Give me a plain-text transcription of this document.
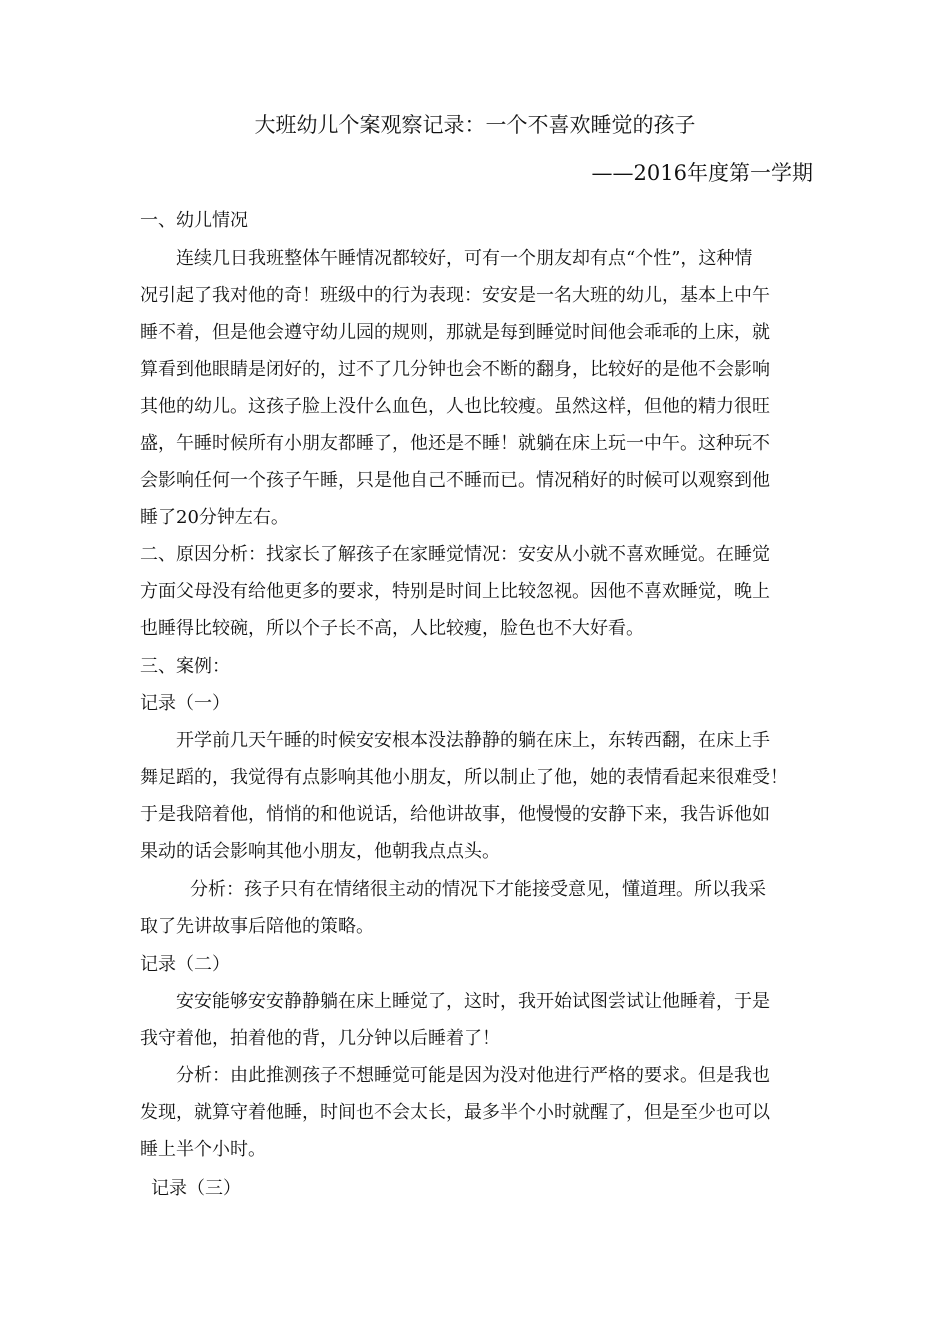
大班幼儿个案观察记录：一个不喜欢睡觉的孩子
——2016年度第一学期
一、幼儿情况
连续几日我班整体午睡情况都较好，可有一个朋友却有点“个性”，这种情
况引起了我对他的奇！班级中的行为表现：安安是一名大班的幼儿，基本上中午
睡不着，但是他会遵守幼儿园的规则，那就是每到睡觉时间他会乖乖的上床，就
算看到他眼睛是闭好的，过不了几分钟也会不断的翻身，比较好的是他不会影响
其他的幼儿。这孩子脸上没什么血色，人也比较瘦。虽然这样，但他的精力很旺
盛，午睡时候所有小朋友都睡了，他还是不睡！就躺在床上玩一中午。这种玩不
会影响任何一个孩子午睡，只是他自己不睡而已。情况稍好的时候可以观察到他
睡了20分钟左右。
二、原因分析：找家长了解孩子在家睡觉情况：安安从小就不喜欢睡觉。在睡觉
方面父母没有给他更多的要求，特别是时间上比较忽视。因他不喜欢睡觉，晚上
也睡得比较碗，所以个子长不高，人比较瘦，脸色也不大好看。
三、案例：
记录（一）
开学前几天午睡的时候安安根本没法静静的躺在床上，东转西翻，在床上手
舞足蹈的，我觉得有点影响其他小朋友，所以制止了他，她的表情看起来很难受！
于是我陪着他，悄悄的和他说话，给他讲故事，他慢慢的安静下来，我告诉他如
果动的话会影响其他小朋友，他朝我点点头。
分析：孩子只有在情绪很主动的情况下才能接受意见，懂道理。所以我采
取了先讲故事后陪他的策略。
记录（二）
安安能够安安静静躺在床上睡觉了，这时，我开始试图尝试让他睡着，于是
我守着他，拍着他的背，几分钟以后睡着了！
分析：由此推测孩子不想睡觉可能是因为没对他进行严格的要求。但是我也
发现，就算守着他睡，时间也不会太长，最多半个小时就醒了，但是至少也可以
睡上半个小时。
记录（三）
